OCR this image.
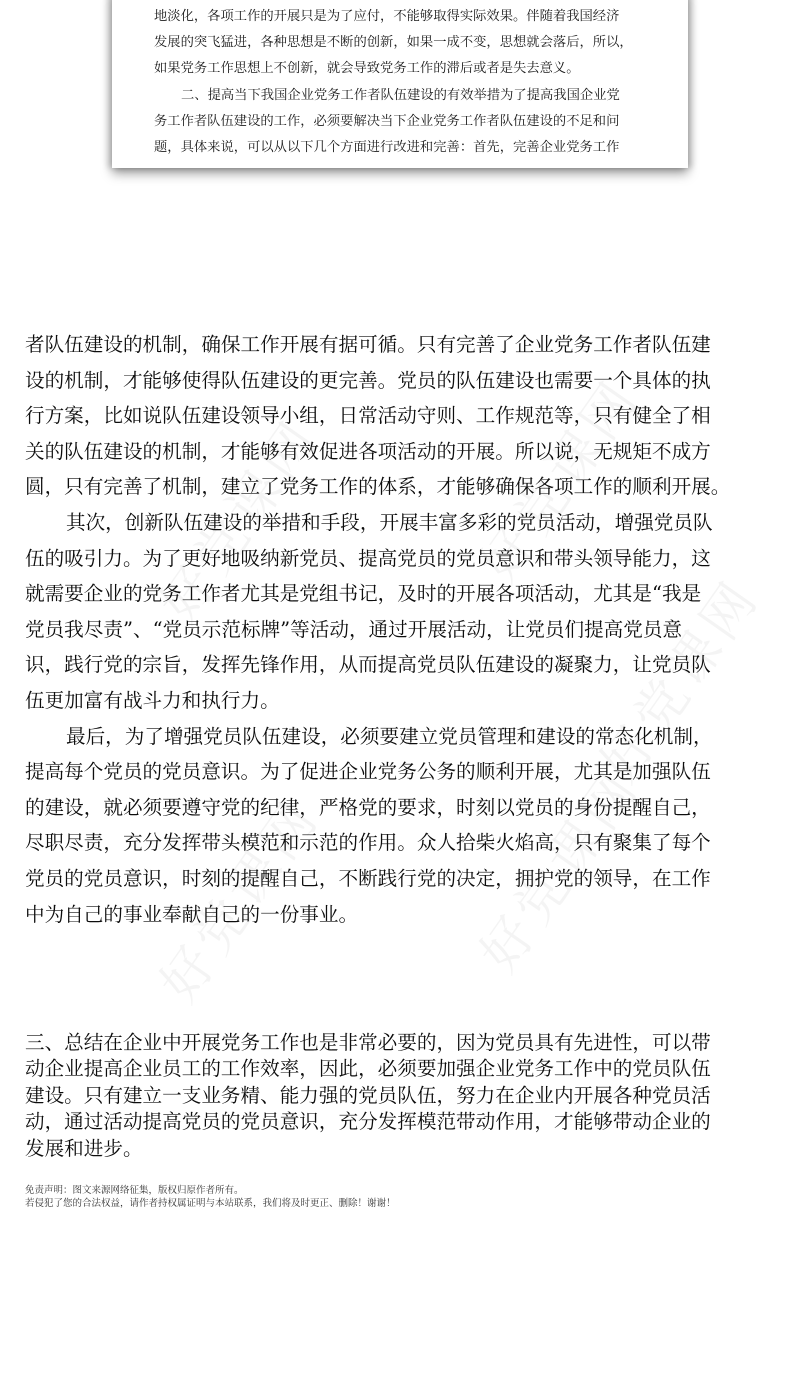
地淡化，各项工作的开展只是为了应付，不能够取得实际效果。伴随着我国经济

发展的突飞猛进，各种思想是不断的创新，如果一成不变，思想就会落后，所以，

如果党务工作思想上不创新，就会导致党务工作的滞后或者是失去意义。

二、提高当下我国企业党务工作者队伍建设的有效举措为了提高我国企业党

务工作者队伍建设的工作，必须要解决当下企业党务工作者队伍建设的不足和问

题，具体来说，可以从以下几个方面进行改进和完善：首先，完善企业党务工作

者队伍建设的机制，确保工作开展有据可循。只有完善了企业党务工作者队伍建

设的机制，才能够使得队伍建设的更完善。党员的队伍建设也需要一个具体的执

行方案，比如说队伍建设领导小组，日常活动守则、工作规范等，只有健全了相

关的队伍建设的机制，才能够有效促进各项活动的开展。所以说，无规矩不成方

圆，只有完善了机制，建立了党务工作的体系，才能够确保各项工作的顺利开展。

其次，创新队伍建设的举措和手段，开展丰富多彩的党员活动，增强党员队

伍的吸引力。为了更好地吸纳新党员、提高党员的党员意识和带头领导能力，这

就需要企业的党务工作者尤其是党组书记，及时的开展各项活动，尤其是“我是

党员我尽责”、“党员示范标牌”等活动，通过开展活动，让党员们提高党员意

识，践行党的宗旨，发挥先锋作用，从而提高党员队伍建设的凝聚力，让党员队

伍更加富有战斗力和执行力。

最后，为了增强党员队伍建设，必须要建立党员管理和建设的常态化机制，

提高每个党员的党员意识。为了促进企业党务公务的顺利开展，尤其是加强队伍

的建设，就必须要遵守党的纪律，严格党的要求，时刻以党员的身份提醒自己，

尽职尽责，充分发挥带头模范和示范的作用。众人拾柴火焰高，只有聚集了每个

党员的党员意识，时刻的提醒自己，不断践行党的决定，拥护党的领导，在工作

中为自己的事业奉献自己的一份事业。

三、总结在企业中开展党务工作也是非常必要的，因为党员具有先进性，可以带

动企业提高企业员工的工作效率，因此，必须要加强企业党务工作中的党员队伍

建设。只有建立一支业务精、能力强的党员队伍，努力在企业内开展各种党员活

动，通过活动提高党员的党员意识，充分发挥模范带动作用，才能够带动企业的

发展和进步。

免责声明：图文来源网络征集，版权归原作者所有。

若侵犯了您的合法权益，请作者持权属证明与本站联系，我们将及时更正、删除！谢谢！
